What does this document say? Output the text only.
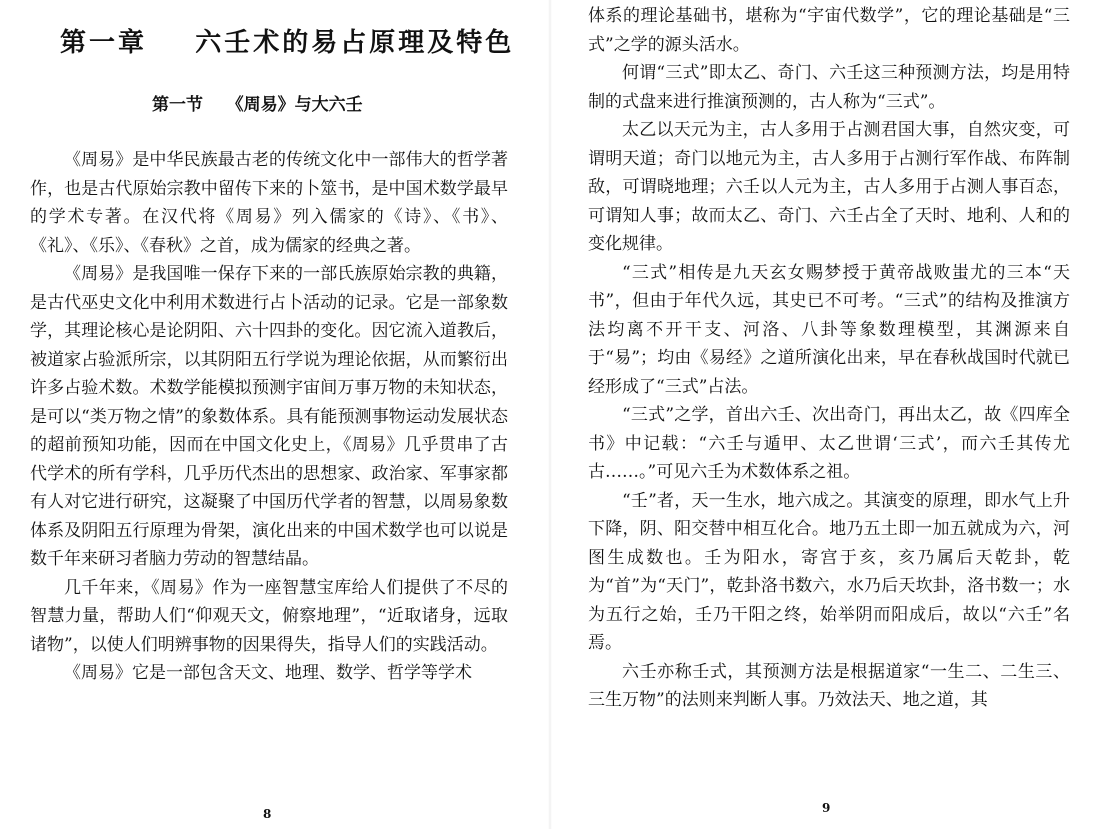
第一章    六壬术的易占原理及特色
第一节    《周易》与大六壬

《周易》是中华民族最古老的传统文化中一部伟大的哲学著作，也是古代原始宗教中留传下来的卜筮书，是中国术数学最早的学术专著。在汉代将《周易》列入儒家的《诗》、《书》、《礼》、《乐》、《春秋》之首，成为儒家的经典之著。

《周易》是我国唯一保存下来的一部氏族原始宗教的典籍，是古代巫史文化中利用术数进行占卜活动的记录。它是一部象数学，其理论核心是论阴阳、六十四卦的变化。因它流入道教后，被道家占验派所宗，以其阴阳五行学说为理论依据，从而繁衍出许多占验术数。术数学能模拟预测宇宙间万事万物的未知状态，是可以“类万物之情”的象数体系。具有能预测事物运动发展状态的超前预知功能，因而在中国文化史上，《周易》几乎贯串了古代学术的所有学科，几乎历代杰出的思想家、政治家、军事家都有人对它进行研究，这凝聚了中国历代学者的智慧，以周易象数体系及阴阳五行原理为骨架，演化出来的中国术数学也可以说是数千年来研习者脑力劳动的智慧结晶。

几千年来，《周易》作为一座智慧宝库给人们提供了不尽的智慧力量，帮助人们“仰观天文，俯察地理”，“近取诸身，远取诸物”，以使人们明辨事物的因果得失，指导人们的实践活动。

《周易》它是一部包含天文、地理、数学、哲学等学术

8

体系的理论基础书，堪称为“宇宙代数学”，它的理论基础是“三式”之学的源头活水。

何谓“三式”即太乙、奇门、六壬这三种预测方法，均是用特制的式盘来进行推演预测的，古人称为“三式”。

太乙以天元为主，古人多用于占测君国大事，自然灾变，可谓明天道；奇门以地元为主，古人多用于占测行军作战、布阵制敌，可谓晓地理；六壬以人元为主，古人多用于占测人事百态，可谓知人事；故而太乙、奇门、六壬占全了天时、地利、人和的变化规律。

“三式”相传是九天玄女赐梦授于黄帝战败蚩尤的三本“天书”，但由于年代久远，其史已不可考。“三式”的结构及推演方法均离不开干支、河洛、八卦等象数理模型，其渊源来自于“易”；均由《易经》之道所演化出来，早在春秋战国时代就已经形成了“三式”占法。

“三式”之学，首出六壬、次出奇门，再出太乙，故《四库全书》中记载：“六壬与遁甲、太乙世谓‘三式’，而六壬其传尤古……。”可见六壬为术数体系之祖。

“壬”者，天一生水，地六成之。其演变的原理，即水气上升下降，阴、阳交替中相互化合。地乃五土即一加五就成为六，河图生成数也。壬为阳水，寄宫于亥，亥乃属后天乾卦，乾为“首”为“天门”，乾卦洛书数六，水乃后天坎卦，洛书数一；水为五行之始，壬乃干阳之终，始举阴而阳成后，故以“六壬”名焉。

六壬亦称壬式，其预测方法是根据道家“一生二、二生三、三生万物”的法则来判断人事。乃效法天、地之道，其

9
